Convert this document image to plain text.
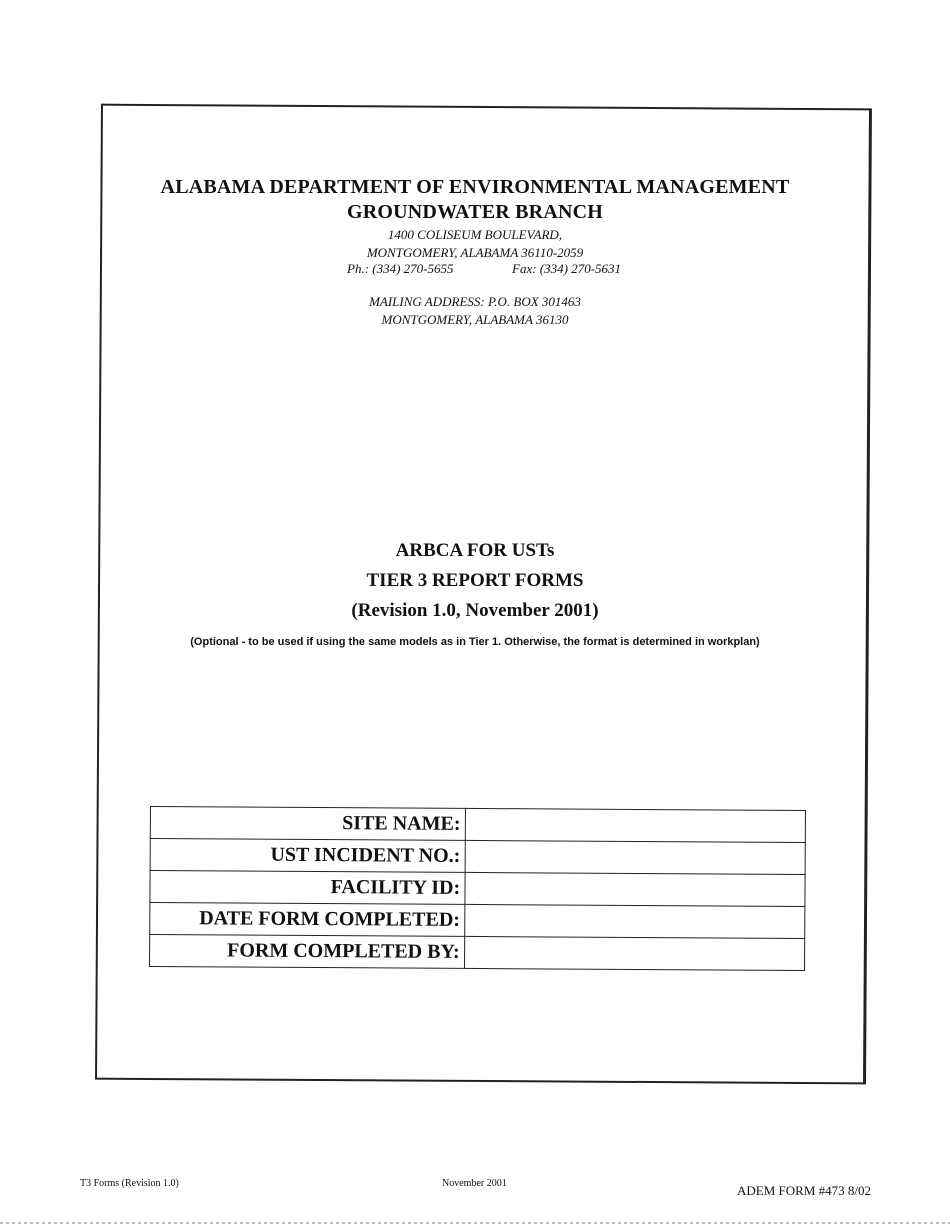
ALABAMA DEPARTMENT OF ENVIRONMENTAL MANAGEMENT
GROUNDWATER BRANCH
1400 COLISEUM BOULEVARD,
MONTGOMERY, ALABAMA 36110-2059
Ph.: (334) 270-5655	Fax: (334) 270-5631
MAILING ADDRESS: P.O. BOX 301463
MONTGOMERY, ALABAMA 36130
ARBCA FOR USTs
TIER 3 REPORT FORMS
(Revision 1.0, November 2001)
(Optional - to be used if using the same models as in Tier 1. Otherwise, the format is determined in workplan)
SITE NAME:	
UST INCIDENT NO.:	
FACILITY ID:	
DATE FORM COMPLETED:	
FORM COMPLETED BY:	
T3 Forms (Revision 1.0)	November 2001	ADEM FORM #473 8/02
